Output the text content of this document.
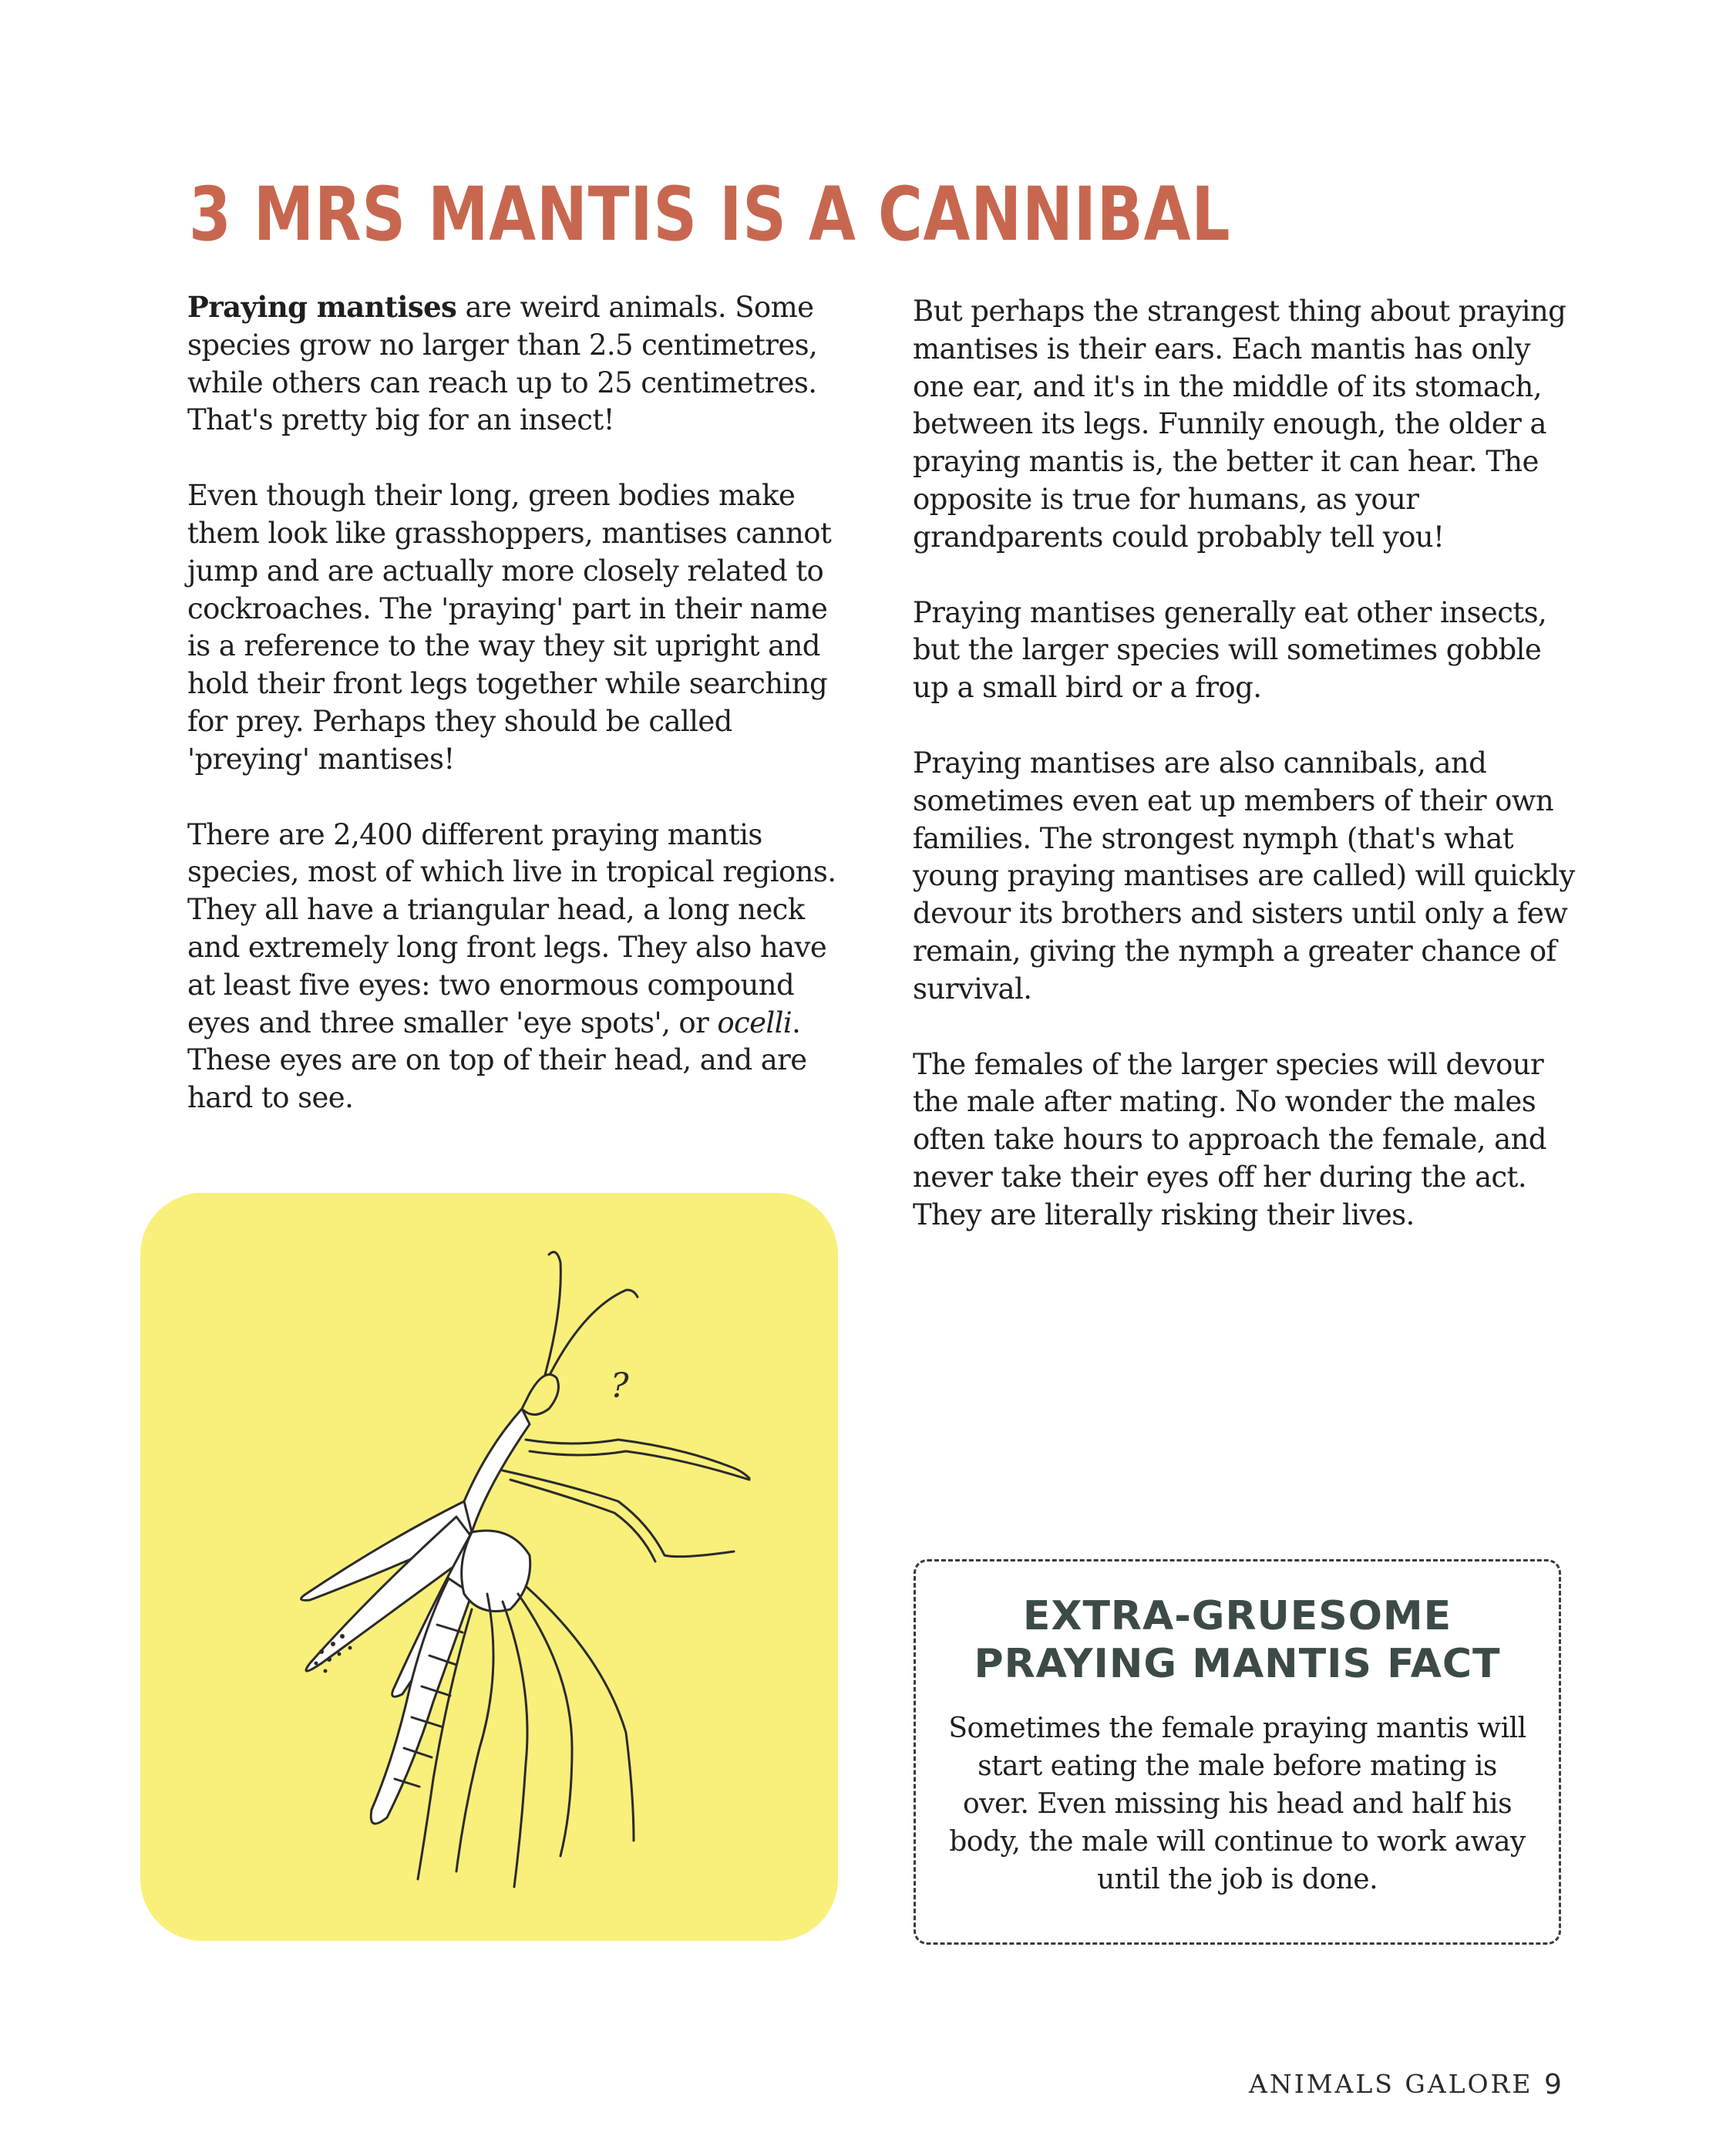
3 MRS MANTIS IS A CANNIBAL

Praying mantises are weird animals. Some species grow no larger than 2.5 centimetres, while others can reach up to 25 centimetres. That's pretty big for an insect!

Even though their long, green bodies make them look like grasshoppers, mantises cannot jump and are actually more closely related to cockroaches. The 'praying' part in their name is a reference to the way they sit upright and hold their front legs together while searching for prey. Perhaps they should be called 'preying' mantises!

There are 2,400 different praying mantis species, most of which live in tropical regions. They all have a triangular head, a long neck and extremely long front legs. They also have at least five eyes: two enormous compound eyes and three smaller 'eye spots', or ocelli. These eyes are on top of their head, and are hard to see.

But perhaps the strangest thing about praying mantises is their ears. Each mantis has only one ear, and it's in the middle of its stomach, between its legs. Funnily enough, the older a praying mantis is, the better it can hear. The opposite is true for humans, as your grandparents could probably tell you!

Praying mantises generally eat other insects, but the larger species will sometimes gobble up a small bird or a frog.

Praying mantises are also cannibals, and sometimes even eat up members of their own families. The strongest nymph (that's what young praying mantises are called) will quickly devour its brothers and sisters until only a few remain, giving the nymph a greater chance of survival.

The females of the larger species will devour the male after mating. No wonder the males often take hours to approach the female, and never take their eyes off her during the act. They are literally risking their lives.

?
EXTRA-GRUESOME
PRAYING MANTIS FACT
Sometimes the female praying mantis will start eating the male before mating is over. Even missing his head and half his body, the male will continue to work away until the job is done.
ANIMALS GALORE 9
